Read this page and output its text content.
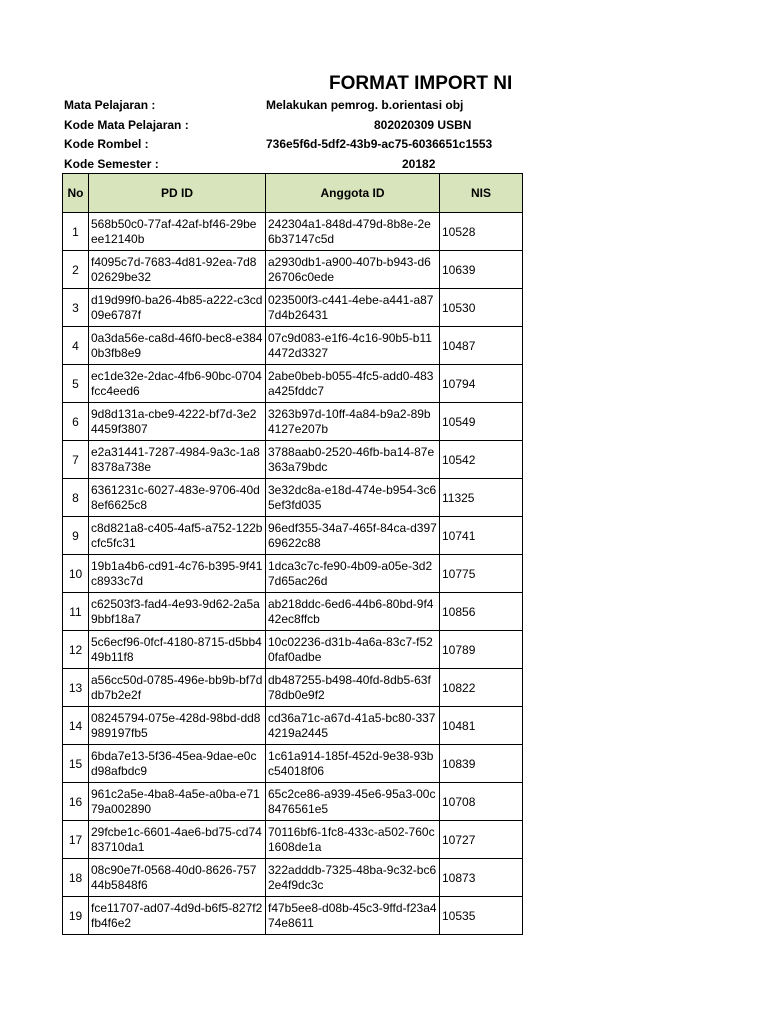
FORMAT IMPORT NI
Mata Pelajaran :	Melakukan pemrog. b.orientasi obj
Kode Mata Pelajaran :	802020309 USBN
Kode Rombel :	736e5f6d-5df2-43b9-ac75-6036651c1553
Kode Semester :	20182
No	PD ID	Anggota ID	NIS
1	568b50c0-77af-42af-bf46-29beee12140b	242304a1-848d-479d-8b8e-2e6b37147c5d	10528
2	f4095c7d-7683-4d81-92ea-7d802629be32	a2930db1-a900-407b-b943-d626706c0ede	10639
3	d19d99f0-ba26-4b85-a222-c3cd09e6787f	023500f3-c441-4ebe-a441-a877d4b26431	10530
4	0a3da56e-ca8d-46f0-bec8-e3840b3fb8e9	07c9d083-e1f6-4c16-90b5-b114472d3327	10487
5	ec1de32e-2dac-4fb6-90bc-0704fcc4eed6	2abe0beb-b055-4fc5-add0-483a425fddc7	10794
6	9d8d131a-cbe9-4222-bf7d-3e24459f3807	3263b97d-10ff-4a84-b9a2-89b4127e207b	10549
7	e2a31441-7287-4984-9a3c-1a88378a738e	3788aab0-2520-46fb-ba14-87e363a79bdc	10542
8	6361231c-6027-483e-9706-40d8ef6625c8	3e32dc8a-e18d-474e-b954-3c65ef3fd035	11325
9	c8d821a8-c405-4af5-a752-122bcfc5fc31	96edf355-34a7-465f-84ca-d39769622c88	10741
10	19b1a4b6-cd91-4c76-b395-9f41c8933c7d	1dca3c7c-fe90-4b09-a05e-3d27d65ac26d	10775
11	c62503f3-fad4-4e93-9d62-2a5a9bbf18a7	ab218ddc-6ed6-44b6-80bd-9f442ec8ffcb	10856
12	5c6ecf96-0fcf-4180-8715-d5bb449b11f8	10c02236-d31b-4a6a-83c7-f520faf0adbe	10789
13	a56cc50d-0785-496e-bb9b-bf7ddb7b2e2f	db487255-b498-40fd-8db5-63f78db0e9f2	10822
14	08245794-075e-428d-98bd-dd8989197fb5	cd36a71c-a67d-41a5-bc80-3374219a2445	10481
15	6bda7e13-5f36-45ea-9dae-e0cd98afbdc9	1c61a914-185f-452d-9e38-93bc54018f06	10839
16	961c2a5e-4ba8-4a5e-a0ba-e7179a002890	65c2ce86-a939-45e6-95a3-00c8476561e5	10708
17	29fcbe1c-6601-4ae6-bd75-cd7483710da1	70116bf6-1fc8-433c-a502-760c1608de1a	10727
18	08c90e7f-0568-40d0-8626-75744b5848f6	322adddb-7325-48ba-9c32-bc62e4f9dc3c	10873
19	fce11707-ad07-4d9d-b6f5-827f2fb4f6e2	f47b5ee8-d08b-45c3-9ffd-f23a474e8611	10535
